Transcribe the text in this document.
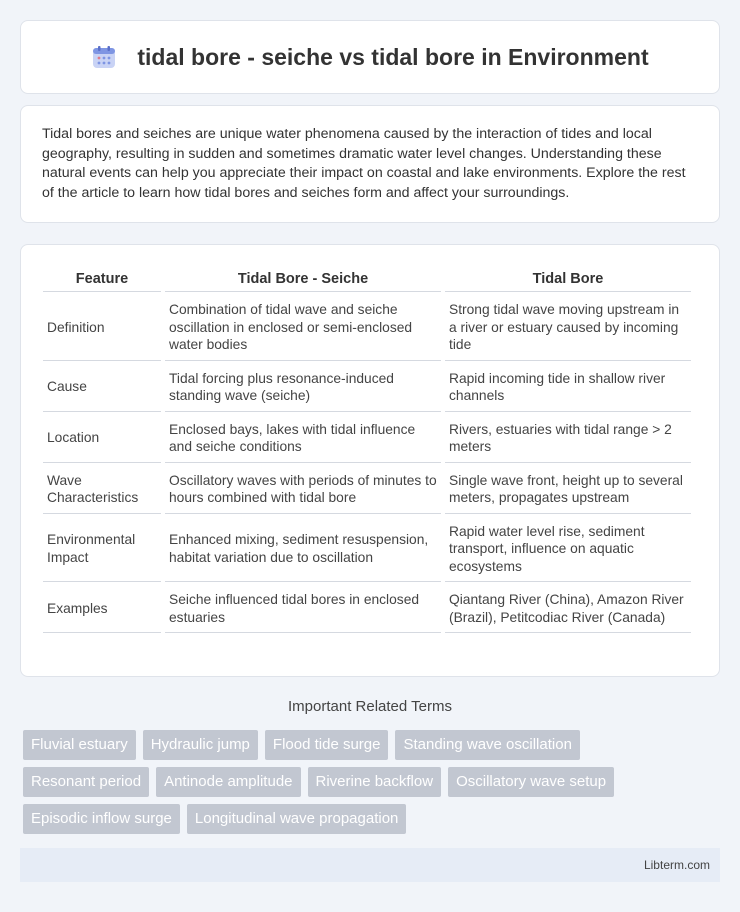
tidal bore - seiche vs tidal bore in Environment

Tidal bores and seiches are unique water phenomena caused by the interaction of tides and local geography, resulting in sudden and sometimes dramatic water level changes. Understanding these natural events can help you appreciate their impact on coastal and lake environments. Explore the rest of the article to learn how tidal bores and seiches form and affect your surroundings.

Feature	Tidal Bore - Seiche	Tidal Bore
Definition	Combination of tidal wave and seiche oscillation in enclosed or semi-enclosed water bodies	Strong tidal wave moving upstream in a river or estuary caused by incoming tide
Cause	Tidal forcing plus resonance-induced standing wave (seiche)	Rapid incoming tide in shallow river channels
Location	Enclosed bays, lakes with tidal influence and seiche conditions	Rivers, estuaries with tidal range > 2 meters
Wave Characteristics	Oscillatory waves with periods of minutes to hours combined with tidal bore	Single wave front, height up to several meters, propagates upstream
Environmental Impact	Enhanced mixing, sediment resuspension, habitat variation due to oscillation	Rapid water level rise, sediment transport, influence on aquatic ecosystems
Examples	Seiche influenced tidal bores in enclosed estuaries	Qiantang River (China), Amazon River (Brazil), Petitcodiac River (Canada)
Important Related Terms
Fluvial estuary	Hydraulic jump	Flood tide surge	Standing wave oscillation
Resonant period	Antinode amplitude	Riverine backflow	Oscillatory wave setup
Episodic inflow surge	Longitudinal wave propagation
Libterm.com
